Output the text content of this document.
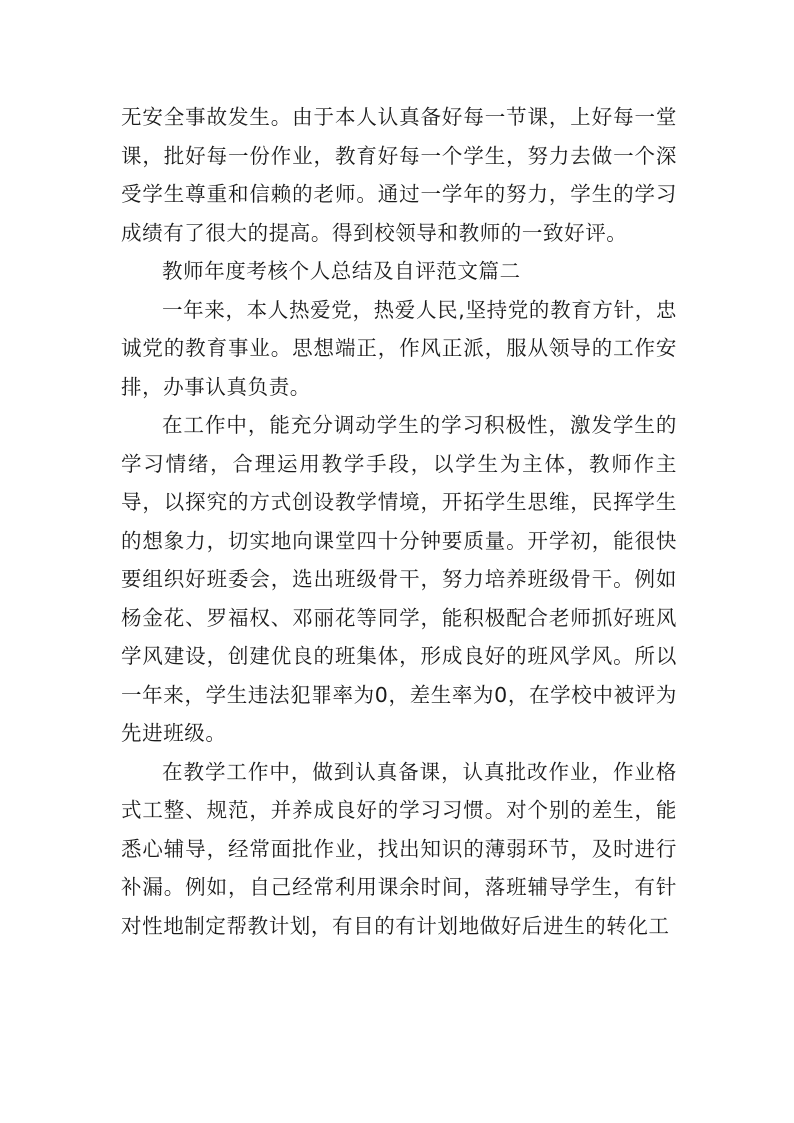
无安全事故发生。由于本人认真备好每一节课，上好每一堂课，批好每一份作业，教育好每一个学生，努力去做一个深受学生尊重和信赖的老师。通过一学年的努力，学生的学习成绩有了很大的提高。得到校领导和教师的一致好评。

教师年度考核个人总结及自评范文篇二

一年来，本人热爱党，热爱人民,坚持党的教育方针，忠诚党的教育事业。思想端正，作风正派，服从领导的工作安排，办事认真负责。

在工作中，能充分调动学生的学习积极性，激发学生的学习情绪，合理运用教学手段，以学生为主体，教师作主导，以探究的方式创设教学情境，开拓学生思维，民挥学生的想象力，切实地向课堂四十分钟要质量。开学初，能很快要组织好班委会，选出班级骨干，努力培养班级骨干。例如杨金花、罗福权、邓丽花等同学，能积极配合老师抓好班风学风建设，创建优良的班集体，形成良好的班风学风。所以一年来，学生违法犯罪率为0，差生率为0，在学校中被评为先进班级。

在教学工作中，做到认真备课，认真批改作业，作业格式工整、规范，并养成良好的学习习惯。对个别的差生，能悉心辅导，经常面批作业，找出知识的薄弱环节，及时进行补漏。例如，自己经常利用课余时间，落班辅导学生，有针对性地制定帮教计划，有目的有计划地做好后进生的转化工
